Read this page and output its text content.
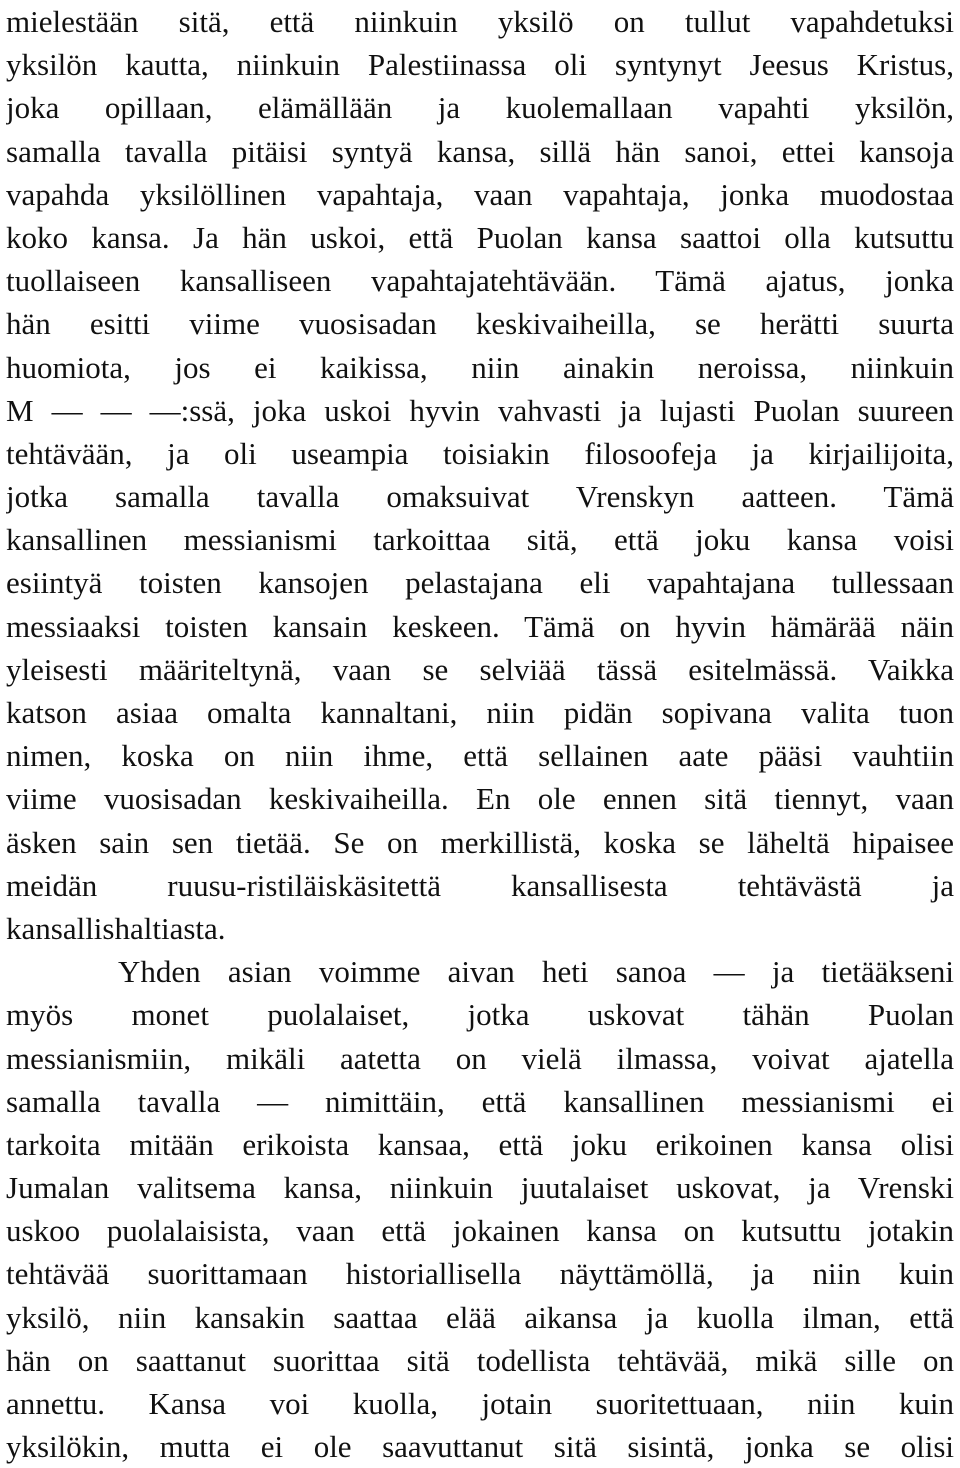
mielestään sitä, että niinkuin yksilö on tullut vapahdetuksi
yksilön kautta, niinkuin Palestiinassa oli syntynyt Jeesus Kristus,
joka opillaan, elämällään ja kuolemallaan vapahti yksilön,
samalla tavalla pitäisi syntyä kansa, sillä hän sanoi, ettei kansoja
vapahda yksilöllinen vapahtaja, vaan vapahtaja, jonka muodostaa
koko kansa. Ja hän uskoi, että Puolan kansa saattoi olla kutsuttu
tuollaiseen kansalliseen vapahtajatehtävään. Tämä ajatus, jonka
hän esitti viime vuosisadan keskivaiheilla, se herätti suurta
huomiota, jos ei kaikissa, niin ainakin neroissa, niinkuin
M — — —:ssä, joka uskoi hyvin vahvasti ja lujasti Puolan suureen
tehtävään, ja oli useampia toisiakin filosoofeja ja kirjailijoita,
jotka samalla tavalla omaksuivat Vrenskyn aatteen. Tämä
kansallinen messianismi tarkoittaa sitä, että joku kansa voisi
esiintyä toisten kansojen pelastajana eli vapahtajana tullessaan
messiaaksi toisten kansain keskeen. Tämä on hyvin hämärää näin
yleisesti määriteltynä, vaan se selviää tässä esitelmässä. Vaikka
katson asiaa omalta kannaltani, niin pidän sopivana valita tuon
nimen, koska on niin ihme, että sellainen aate pääsi vauhtiin
viime vuosisadan keskivaiheilla. En ole ennen sitä tiennyt, vaan
äsken sain sen tietää. Se on merkillistä, koska se läheltä hipaisee
meidän ruusu-ristiläiskäsitettä kansallisesta tehtävästä ja
kansallishaltiasta.
Yhden asian voimme aivan heti sanoa — ja tietääkseni
myös monet puolalaiset, jotka uskovat tähän Puolan
messianismiin, mikäli aatetta on vielä ilmassa, voivat ajatella
samalla tavalla — nimittäin, että kansallinen messianismi ei
tarkoita mitään erikoista kansaa, että joku erikoinen kansa olisi
Jumalan valitsema kansa, niinkuin juutalaiset uskovat, ja Vrenski
uskoo puolalaisista, vaan että jokainen kansa on kutsuttu jotakin
tehtävää suorittamaan historiallisella näyttämöllä, ja niin kuin
yksilö, niin kansakin saattaa elää aikansa ja kuolla ilman, että
hän on saattanut suorittaa sitä todellista tehtävää, mikä sille on
annettu. Kansa voi kuolla, jotain suoritettuaan, niin kuin
yksilökin, mutta ei ole saavuttanut sitä sisintä, jonka se olisi
